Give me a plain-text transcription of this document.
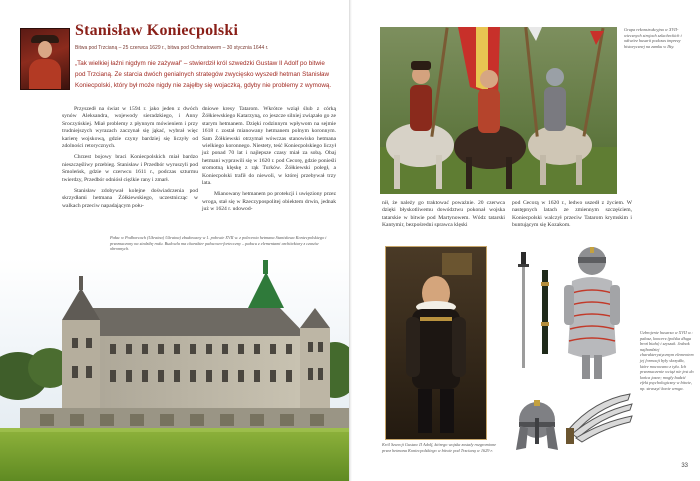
Stanisław Koniecpolski
Bitwa pod Trzcianą – 25 czerwca 1629 r., bitwa pod Ochmatowem – 30 stycznia 1644 r.
„Tak wielkiej łaźni nigdym nie zażywał” – stwierdził król szwedzki Gustaw II Adolf po bitwie pod Trzcianą. Ze starcia dwóch genialnych strategów zwycięsko wyszedł hetman Stanisław Koniecpolski, który był może nigdy nie zajęłby się wojaczką, gdyby nie problemy z wymową.

Przyszedł na świat w 1594 r. jako jeden z dwóch synów Aleksandra, wojewody sieradzkiego, i Anny Sroczyńskiej. Miał problemy z płynnym mówieniem i przy trudniejszych wyrazach zaczynał się jąkać, wybrał więc karierę wojskową, gdzie czyny bardziej się liczyły od zdolności retorycznych.

Chrzest bojowy braci Koniecpolskich miał bardzo nieszczęśliwy przebieg. Stanisław i Przedbór wyruszyli pod Smoleńsk, gdzie w czerwcu 1611 r., podczas szturmu twierdzy, Przedbór odniósł ciężkie rany i zmarł.

Stanisław zdobywał kolejne doświadczenia pod skrzydłami hetmana Żółkiewskiego, uczestnicząc w walkach przeciw napadającym połu-

dniowe kresy Tatarom. Wkrótce wziął ślub z córką Żółkiewskiego Katarzyną, co jeszcze silniej związało go ze starym hetmanem. Dzięki rodzinnym wpływom na sejmie 1618 r. został mianowany hetmanem polnym koronnym. Sam Żółkiewski otrzymał wówczas stanowisko hetmana wielkiego koronnego. Niestety, teść Koniecpolskiego liczył już ponad 70 lat i najlepsze czasy miał za sobą. Obaj hetmani wyprawili się w 1620 r. pod Cecorę, gdzie ponieśli sromotną klęskę z rąk Turków. Żółkiewski poległ, a Koniecpolski trafił do niewoli, w której przebywał trzy lata.

Mianowany hetmanem po protekcji i uwięziony przez wroga, stał się w Rzeczypospolitej obiektem drwin, jednak już w 1624 r. udowod-

Pałac w Podhorcach (Ukraina) Ukraina) zbudowany w 1. połowie XVII w. z polecenia hetmana Stanisława Koniecpolskiego i przeznaczony na siedzibę rodu. Budowla ma charakter pałacowo-fortecczny – pałacu z elementami architektury z czasów obronnych.
Grupa rekonstrukcyjna w XVII-wiecznych strojach szlacheckich i odtwórz husarii podczas imprezy historycznej na zamku w Iłży.

nił, że należy go traktować poważnie. 20 czerwca dzięki błyskotliwemu dowództwu pokonał wojska tatarskie w bitwie pod Martynowem. Wódz tatarski Kantymir, bezpośredni sprawca klęski

pod Cecorą w 1620 r., ledwo uszedł z życiem. W następnych latach ze zmiennym szczęściem, Koniecpolski walczył przeciw Tatarom krymskim i buntującym się Kozakom.

Król Szwecji Gustaw II Adolf, którego wojska zostały rozgromione przez hetmana Koniecpolskiego w bitwie pod Trzcianą w 1629 r.
Uzbrojenie husarza w XVII w.: pałasz, koncerz (polska długa broń biała) i szyszak. Jednak najbardziej charakterystycznym elementem jej formacji były skrzydła, które mocowano z tyłu. Ich przeznaczenie wciąż nie jest do końca jasne; mogły budzić efekt psychologiczny w bitwie, np. straszyć konie wroga.
33
